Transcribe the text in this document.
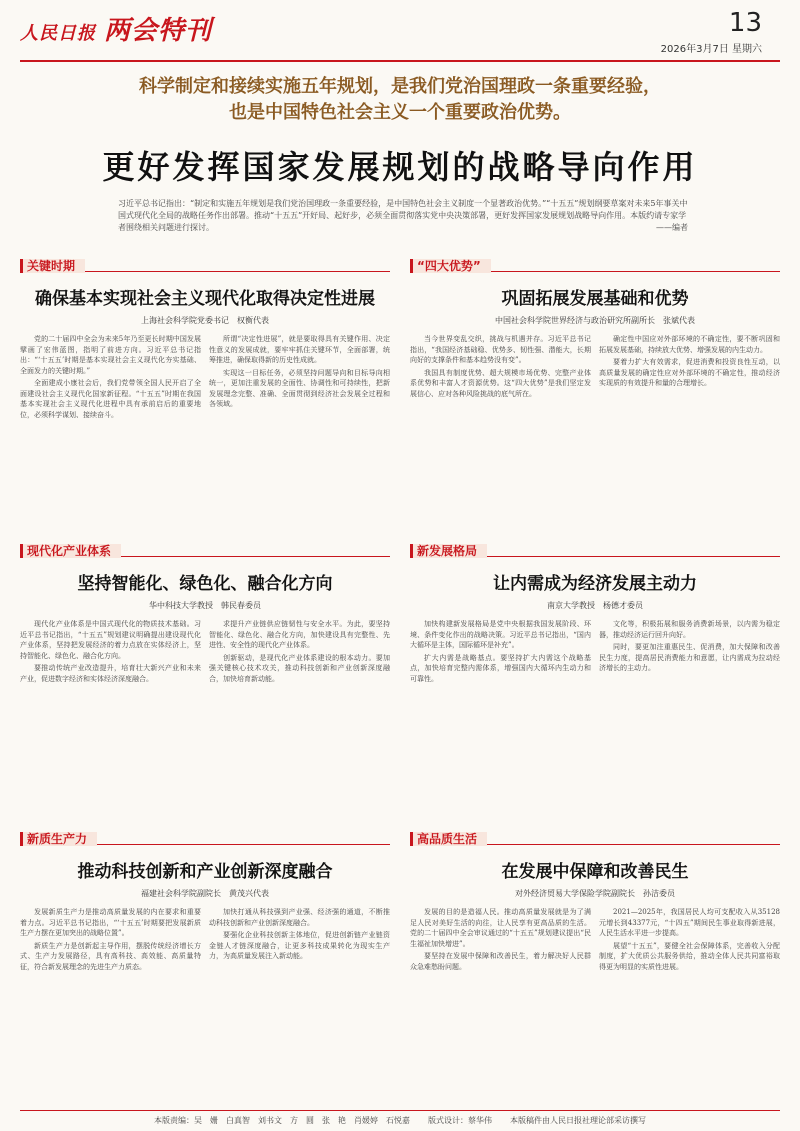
人民日报 两会特刊	13
2026年3月7日 星期六
科学制定和接续实施五年规划，是我们党治国理政一条重要经验，
也是中国特色社会主义一个重要政治优势。
更好发挥国家发展规划的战略导向作用
习近平总书记指出：“制定和实施五年规划是我们党治国理政一条重要经验，是中国特色社会主义制度一个显著政治优势。”“十五五”规划纲要草案对未来5年事关中国式现代化全局的战略任务作出部署。推动“十五五”开好局、起好步，必须全面贯彻落实党中央决策部署，更好发挥国家发展规划战略导向作用。本版约请专家学者围绕相关问题进行探讨。	——编者
关键时期
确保基本实现社会主义现代化取得决定性进展
上海社会科学院党委书记　权衡代表

党的二十届四中全会为未来5年乃至更长时期中国发展擘画了宏伟蓝图，指明了前进方向。习近平总书记指出：“‘十五五’时期是基本实现社会主义现代化夯实基础、全面发力的关键时期。”

全面建成小康社会后，我们党带领全国人民开启了全面建设社会主义现代化国家新征程。“十五五”时期在我国基本实现社会主义现代化进程中具有承前启后的重要地位，必须科学谋划、接续奋斗。

所谓“决定性进展”，就是要取得具有关键作用、决定性意义的发展成就，要牢牢抓住关键环节，全面部署，统筹推进，确保取得新的历史性成就。

实现这一目标任务，必须坚持问题导向和目标导向相统一，更加注重发展的全面性、协调性和可持续性，把新发展理念完整、准确、全面贯彻到经济社会发展全过程和各领域。

“四大优势”
巩固拓展发展基础和优势
中国社会科学院世界经济与政治研究所副所长　张斌代表

当今世界变乱交织，挑战与机遇并存。习近平总书记指出，“我国经济基础稳、优势多、韧性强、潜能大，长期向好的支撑条件和基本趋势没有变”。

我国具有制度优势、超大规模市场优势、完整产业体系优势和丰富人才资源优势。这“四大优势”是我们坚定发展信心、应对各种风险挑战的底气所在。

确定性中国应对外部环境的不确定性，要不断巩固和拓展发展基础，持续放大优势、增强发展的内生动力。

要着力扩大有效需求，促进消费和投资良性互动，以高质量发展的确定性应对外部环境的不确定性，推动经济实现质的有效提升和量的合理增长。

现代化产业体系
坚持智能化、绿色化、融合化方向
华中科技大学教授　韩民春委员

现代化产业体系是中国式现代化的物质技术基础。习近平总书记指出，“十五五”规划建议明确提出建设现代化产业体系，坚持把发展经济的着力点放在实体经济上，坚持智能化、绿色化、融合化方向。

要推动传统产业改造提升，培育壮大新兴产业和未来产业，促进数字经济和实体经济深度融合。

求提升产业链供应链韧性与安全水平。为此，要坚持智能化、绿色化、融合化方向，加快建设具有完整性、先进性、安全性的现代化产业体系。

创新驱动，是现代化产业体系建设的根本动力。要加强关键核心技术攻关，推动科技创新和产业创新深度融合，加快培育新动能。

新发展格局
让内需成为经济发展主动力
南京大学教授　杨德才委员

加快构建新发展格局是党中央根据我国发展阶段、环境、条件变化作出的战略决策。习近平总书记指出，“国内大循环是主体，国际循环是补充”。

扩大内需是战略基点。要坚持扩大内需这个战略基点，加快培育完整内需体系，增强国内大循环内生动力和可靠性。

文化等，积极拓展和服务消费新场景，以内需为稳定器，推动经济运行回升向好。

同时，要更加注重惠民生、促消费，加大保障和改善民生力度，提高居民消费能力和意愿，让内需成为拉动经济增长的主动力。

新质生产力
推动科技创新和产业创新深度融合
福建社会科学院副院长　黄茂兴代表

发展新质生产力是推动高质量发展的内在要求和重要着力点。习近平总书记指出，“‘十五五’时期要把发展新质生产力摆在更加突出的战略位置”。

新质生产力是创新起主导作用，摆脱传统经济增长方式、生产力发展路径，具有高科技、高效能、高质量特征，符合新发展理念的先进生产力质态。

加快打通从科技强到产业强、经济强的通道，不断推动科技创新和产业创新深度融合。

要强化企业科技创新主体地位，促进创新链产业链资金链人才链深度融合，让更多科技成果转化为现实生产力，为高质量发展注入新动能。

高品质生活
在发展中保障和改善民生
对外经济贸易大学保险学院副院长　孙洁委员

发展的目的是造福人民。推动高质量发展就是为了满足人民对美好生活的向往，让人民享有更高品质的生活。党的二十届四中全会审议通过的“十五五”规划建议提出“民生福祉加快增进”。

要坚持在发展中保障和改善民生，着力解决好人民群众急难愁盼问题。

2021—2025年，我国居民人均可支配收入从35128元增长到43377元，“十四五”期间民生事业取得新进展，人民生活水平进一步提高。

展望“十五五”，要健全社会保障体系，完善收入分配制度，扩大优质公共服务供给，推动全体人民共同富裕取得更为明显的实质性进展。

本版责编：吴　姗　白真智　刘书文　方　圆　张　艳　肖媛婷　石悦嘉 版式设计：蔡华伟 本版稿件由人民日报社理论部采访撰写
